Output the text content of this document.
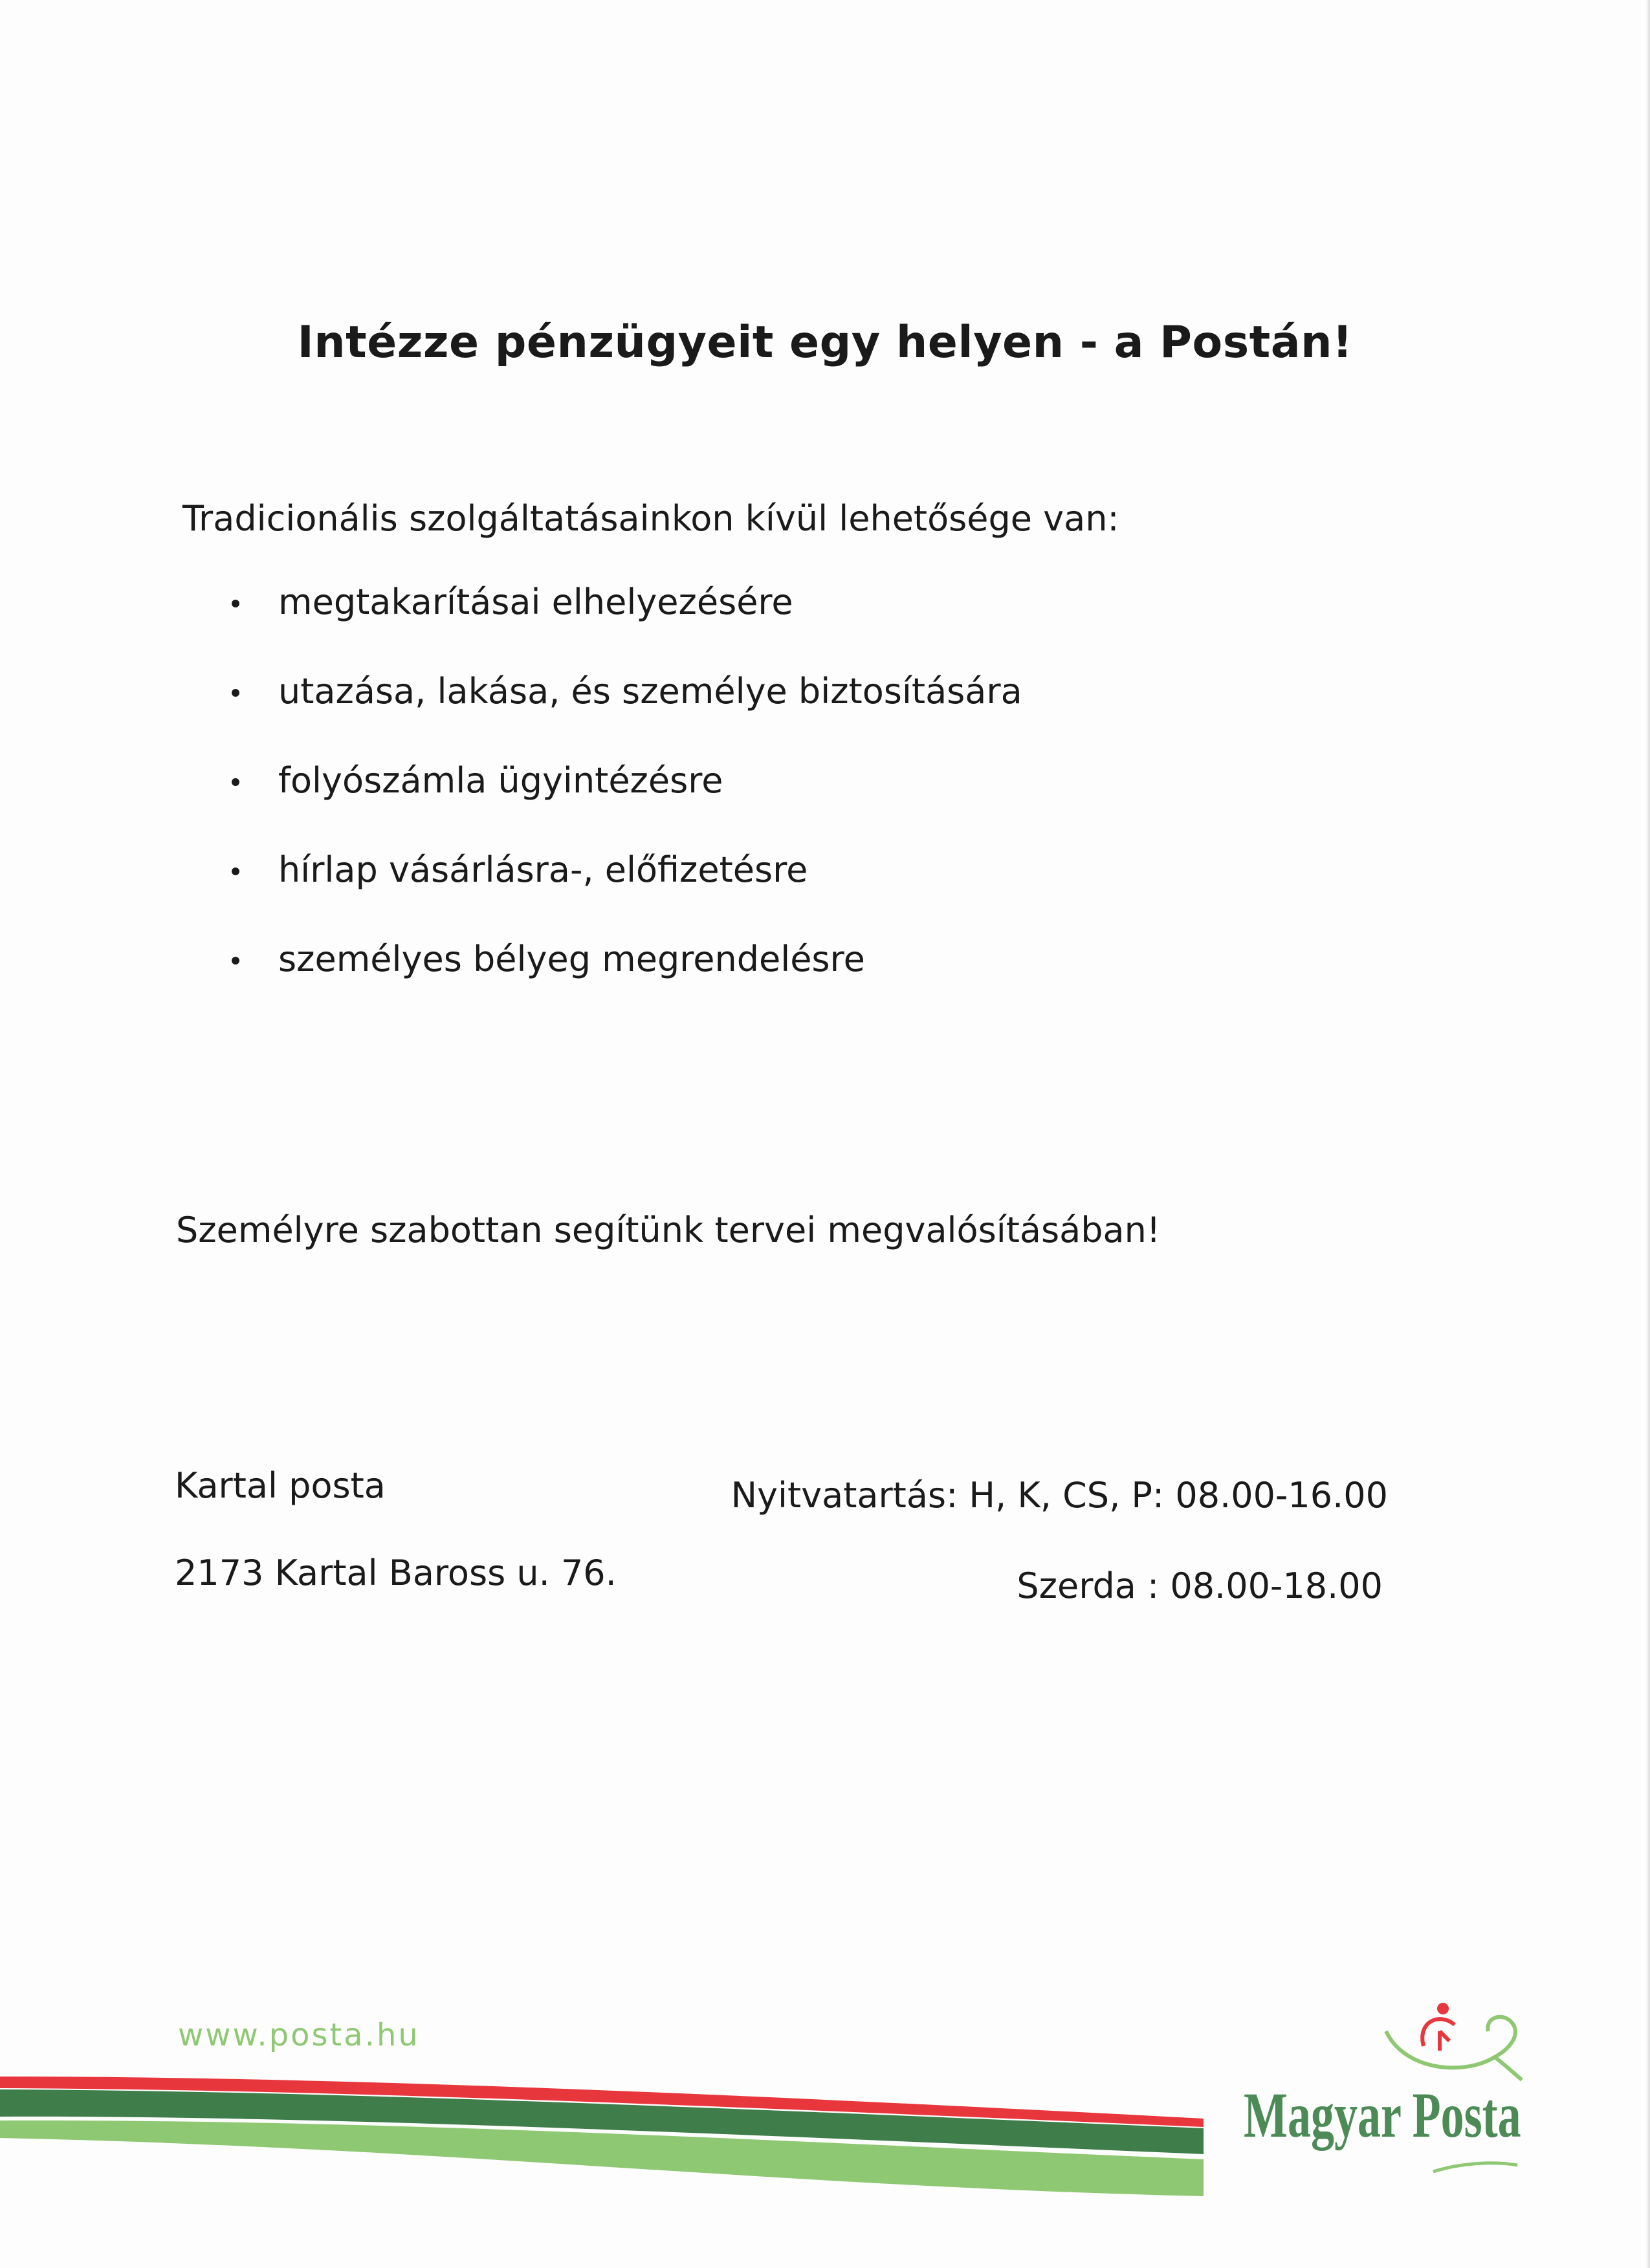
Intézze pénzügyeit egy helyen - a Postán!
Tradicionális szolgáltatásainkon kívül lehetősége van:
megtakarításai elhelyezésére
utazása, lakása, és személye biztosítására
folyószámla ügyintézésre
hírlap vásárlásra-, előfizetésre
személyes bélyeg megrendelésre
Személyre szabottan segítünk tervei megvalósításában!
Kartal posta
2173 Kartal Baross u. 76.
Nyitvatartás: H, K, CS, P: 08.00-16.00
Szerda : 08.00-18.00
www.posta.hu
Magyar Posta
